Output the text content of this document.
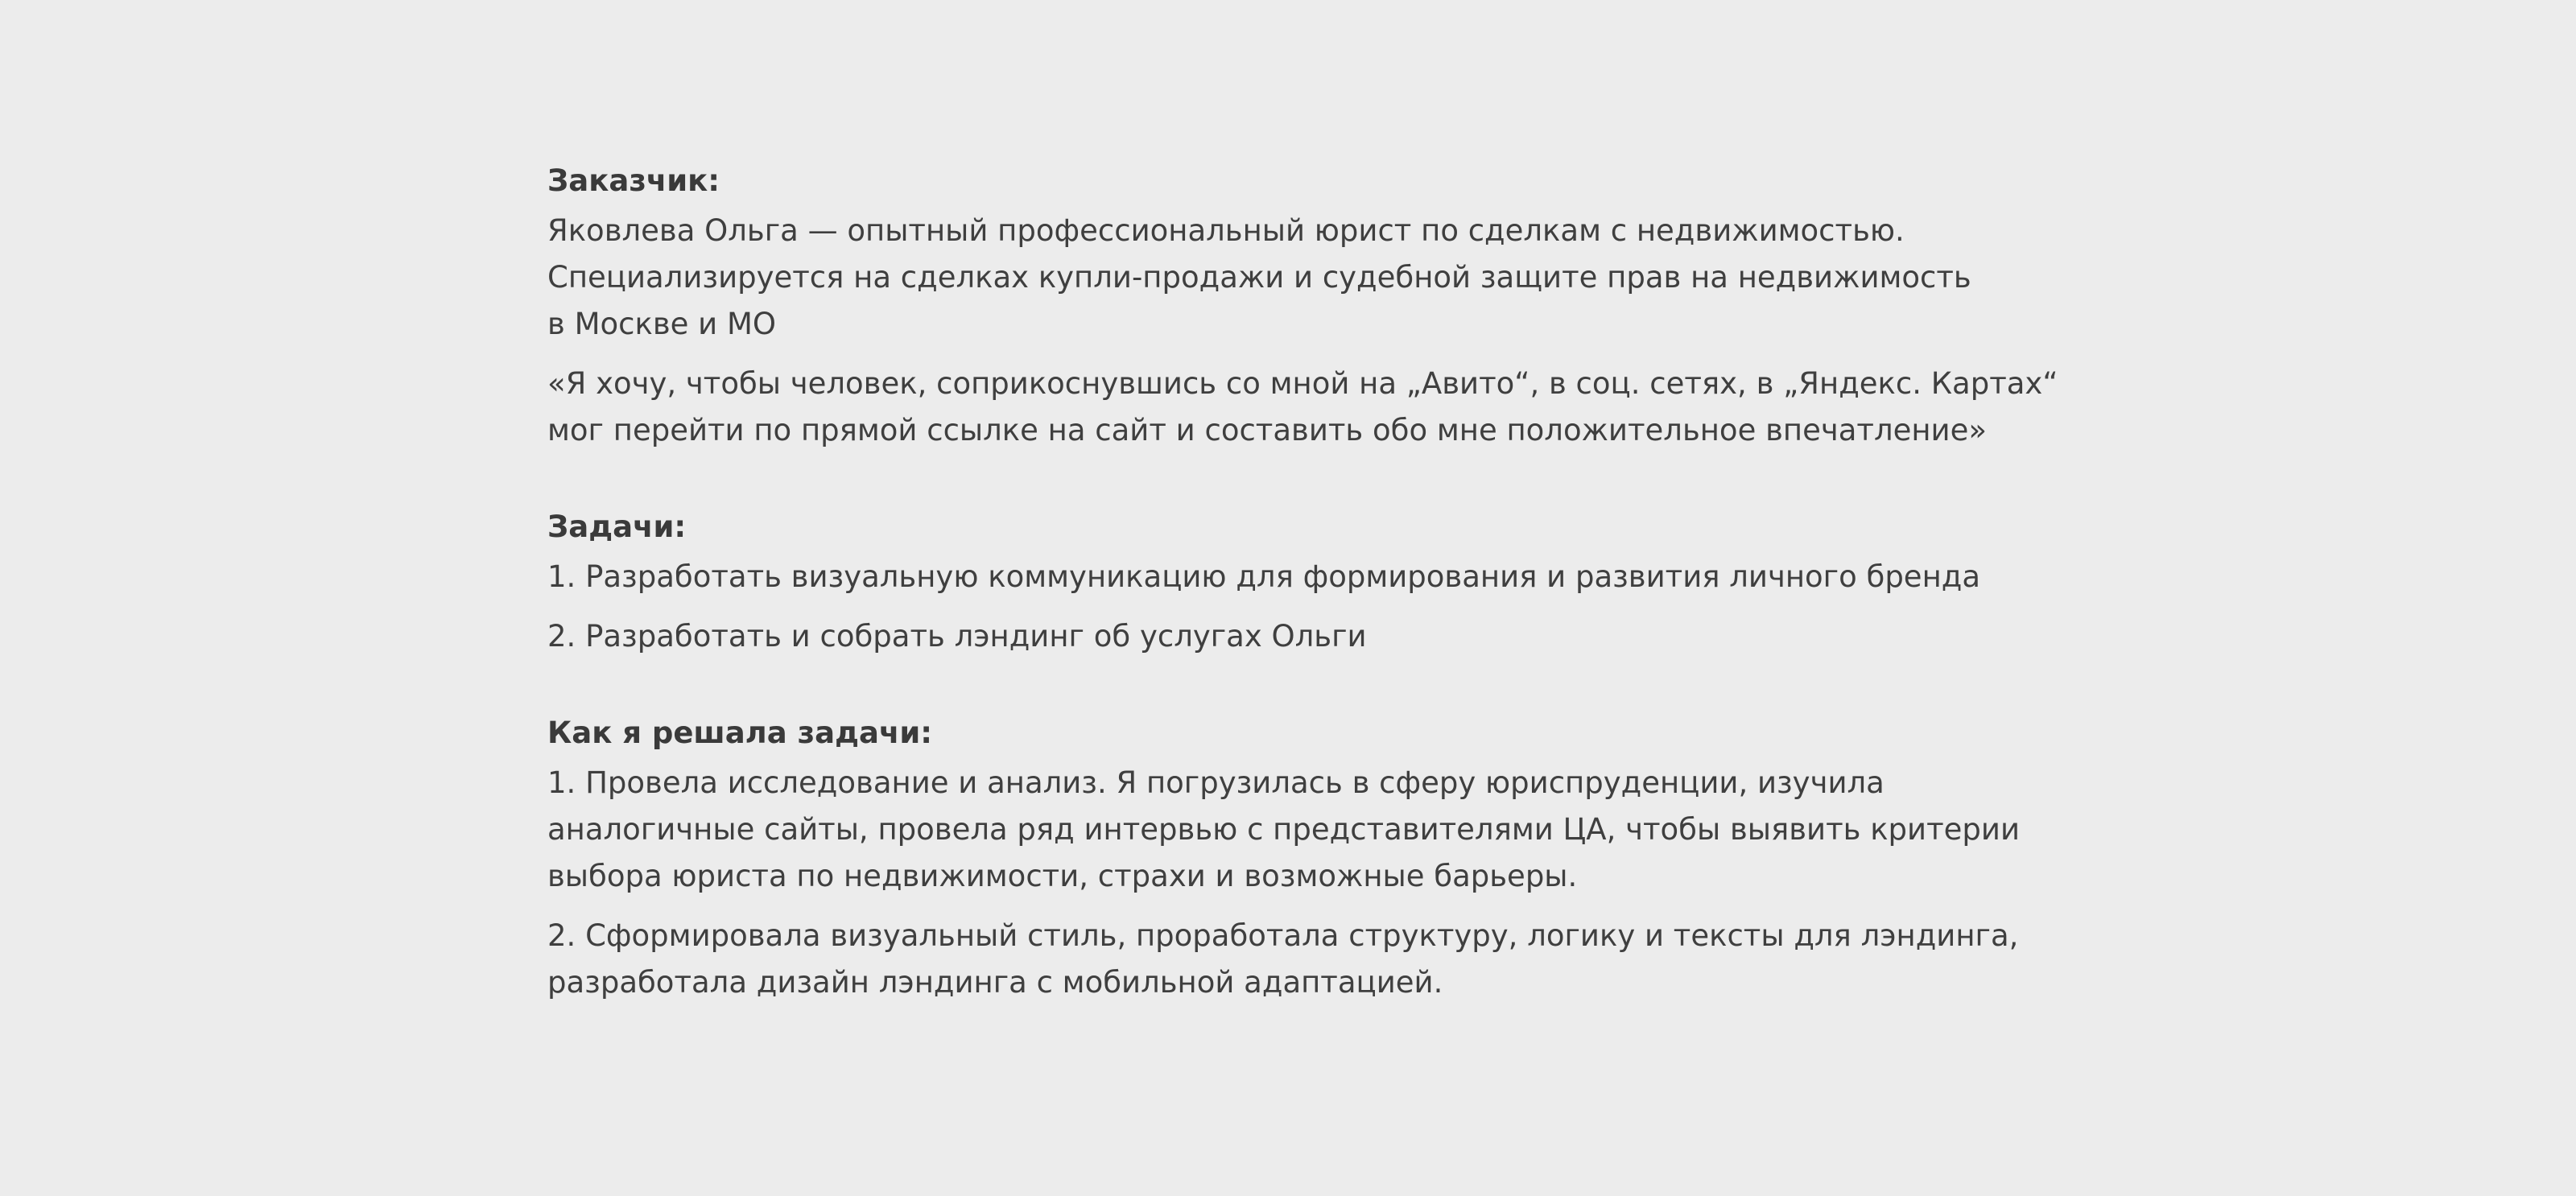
Заказчик:

Яковлева Ольга — опытный профессиональный юрист по сделкам с недвижимостью.
Специализируется на сделках купли-продажи и судебной защите прав на недвижимость
в Москве и МО

«Я хочу, чтобы человек, соприкоснувшись со мной на „Авито“, в соц. сетях, в „Яндекс. Картах“
мог перейти по прямой ссылке на сайт и составить обо мне положительное впечатление»

Задачи:

1. Разработать визуальную коммуникацию для формирования и развития личного бренда

2. Разработать и собрать лэндинг об услугах Ольги

Как я решала задачи:

1. Провела исследование и анализ. Я погрузилась в сферу юриспруденции, изучила
аналогичные сайты, провела ряд интервью с представителями ЦА, чтобы выявить критерии
выбора юриста по недвижимости, страхи и возможные барьеры.

2. Сформировала визуальный стиль, проработала структуру, логику и тексты для лэндинга,
разработала дизайн лэндинга с мобильной адаптацией.
